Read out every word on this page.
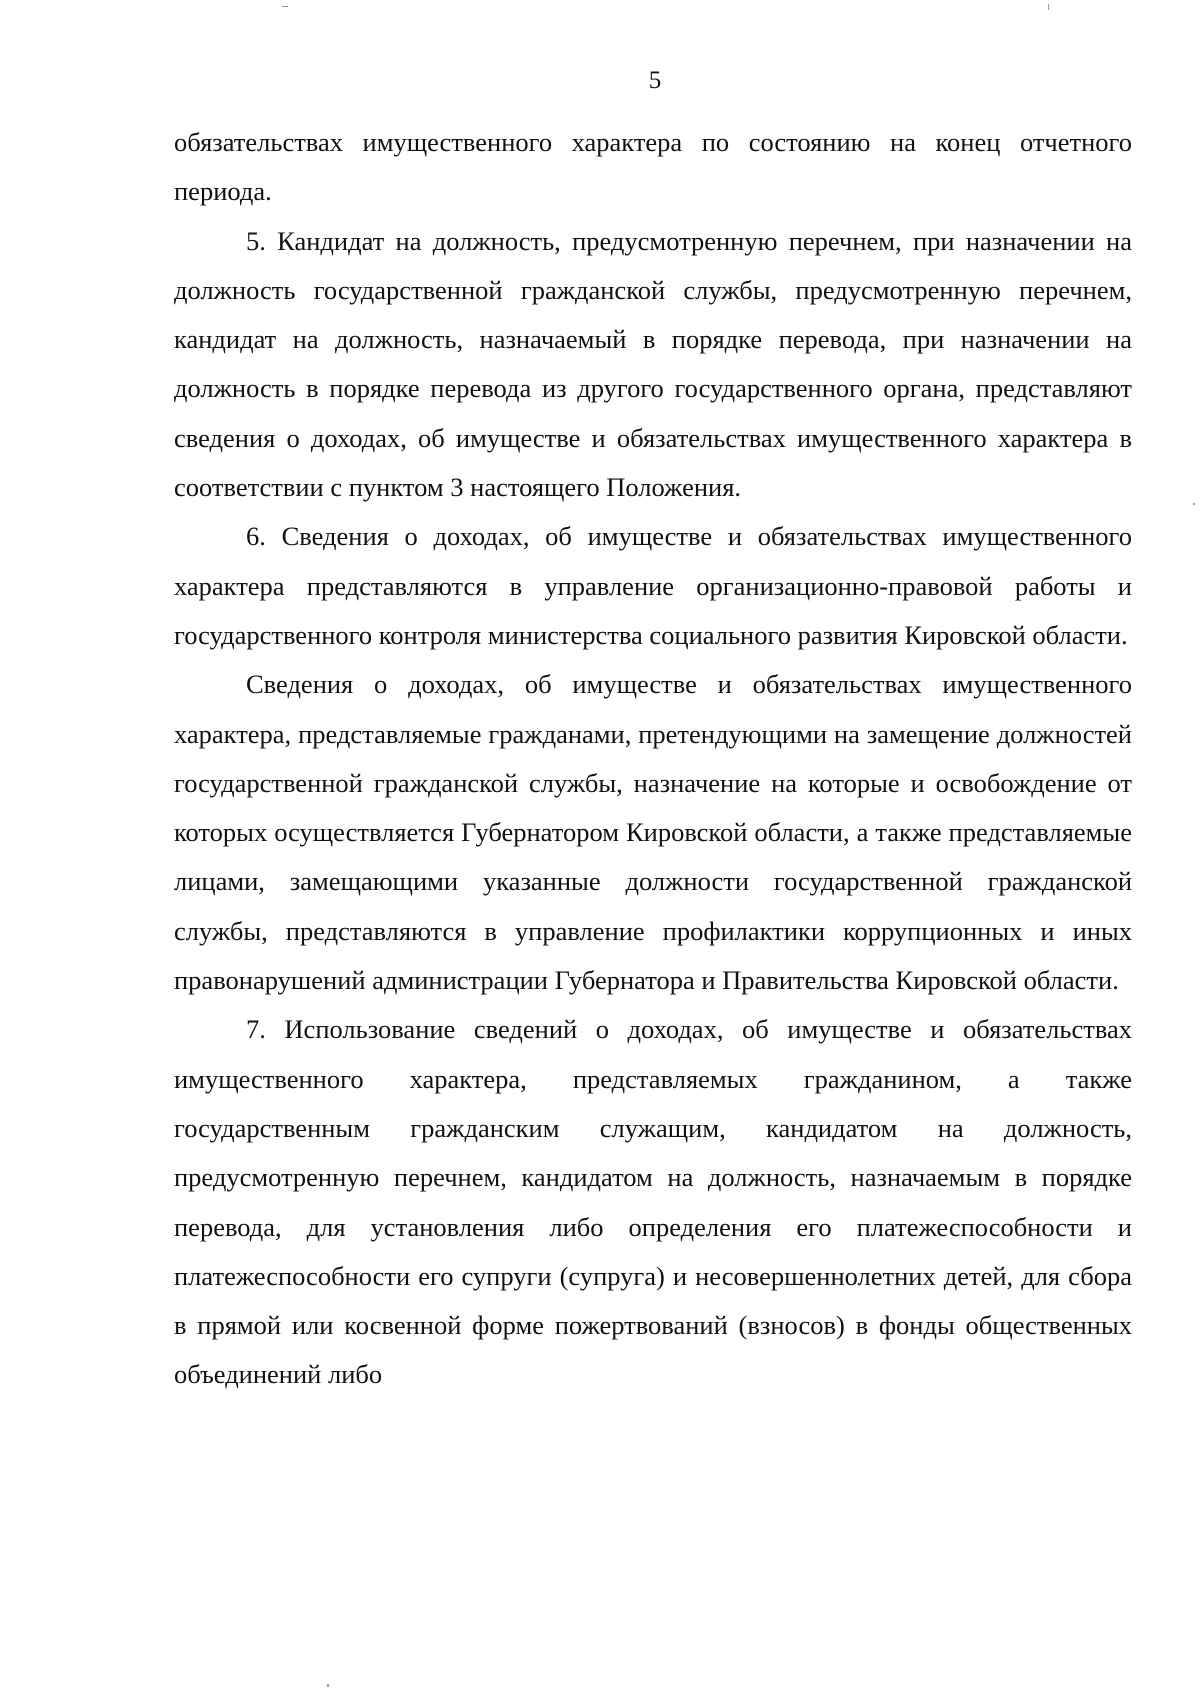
5

обязательствах имущественного характера по состоянию на конец отчетного периода.

5. Кандидат на должность, предусмотренную перечнем, при назначении на должность государственной гражданской службы, предусмотренную перечнем, кандидат на должность, назначаемый в порядке перевода, при назначении на должность в порядке перевода из другого государственного органа, представляют сведения о доходах, об имуществе и обязательствах имущественного характера в соответствии с пунктом 3 настоящего Положения.

6. Сведения о доходах, об имуществе и обязательствах имущественного характера представляются в управление организационно-правовой работы и государственного контроля министерства социального развития Кировской области.

Сведения о доходах, об имуществе и обязательствах имущественного характера, представляемые гражданами, претендующими на замещение должностей государственной гражданской службы, назначение на которые и освобождение от которых осуществляется Губернатором Кировской области, а также представляемые лицами, замещающими указанные должности государственной гражданской службы, представляются в управление профилактики коррупционных и иных правонарушений администрации Губернатора и Правительства Кировской области.

7. Использование сведений о доходах, об имуществе и обязательствах имущественного характера, представляемых гражданином, а также государственным гражданским служащим, кандидатом на должность, предусмотренную перечнем, кандидатом на должность, назначаемым в порядке перевода, для установления либо определения его платежеспособности и платежеспособности его супруги (супруга) и несовершеннолетних детей, для сбора в прямой или косвенной форме пожертвований (взносов) в фонды общественных объединений либо
